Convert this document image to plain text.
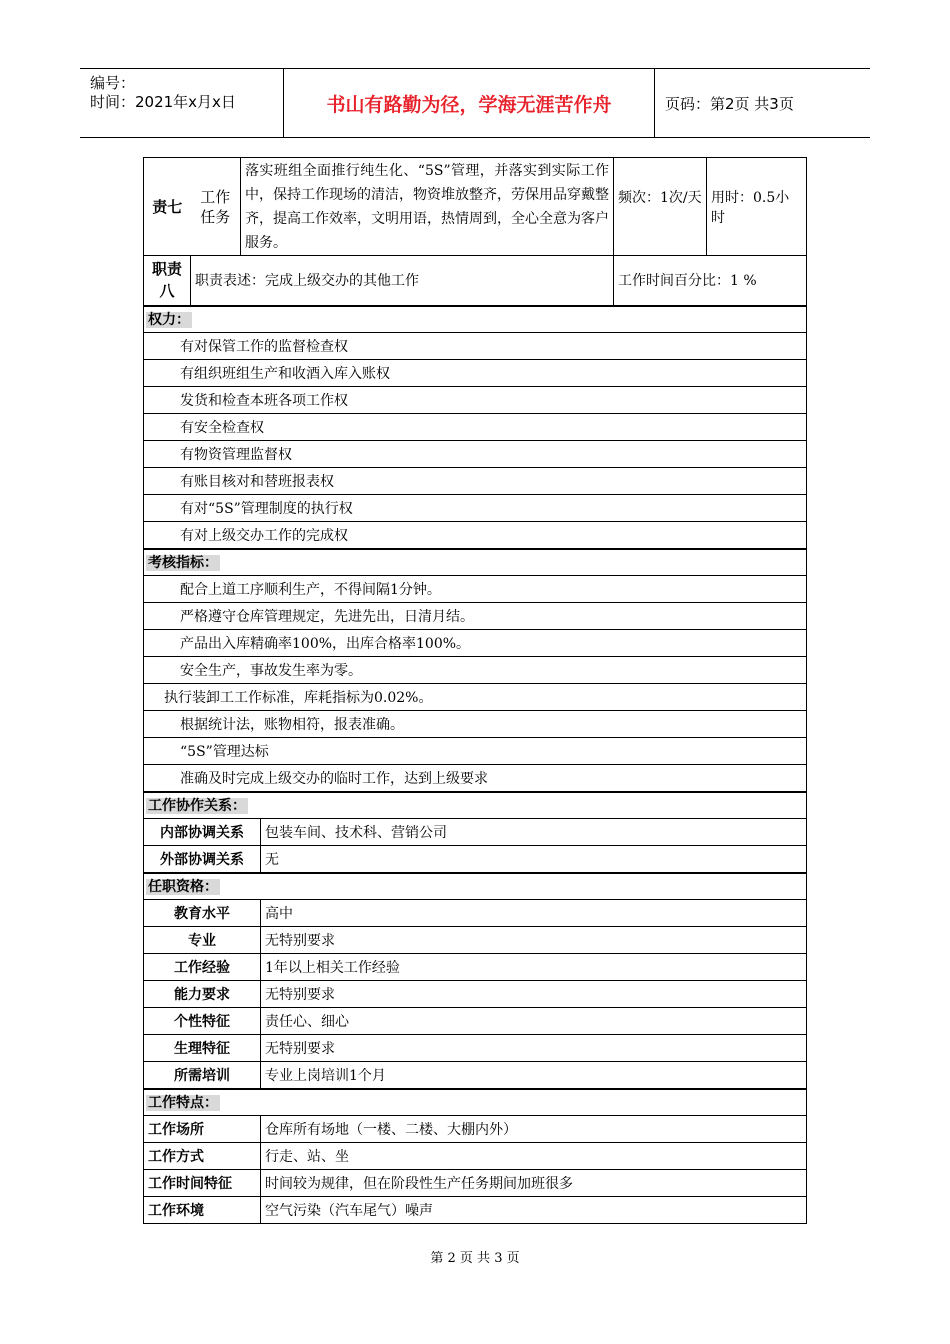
编号：
时间：2021年x月x日	书山有路勤为径，学海无涯苦作舟	页码：第2页 共3页
责七	工作任务	落实班组全面推行纯生化、“5S”管理，并落实到实际工作中，保持工作现场的清洁，物资堆放整齐，劳保用品穿戴整齐，提高工作效率，文明用语，热情周到，全心全意为客户服务。		频次：1次/天	用时：0.5小时
职责八	职责表述：完成上级交办的其他工作			工作时间百分比：1 %	
权力：					
有对保管工作的监督检查权					
有组织班组生产和收酒入库入账权					
发货和检查本班各项工作权					
有安全检查权					
有物资管理监督权					
有账目核对和替班报表权					
有对“5S”管理制度的执行权					
有对上级交办工作的完成权					
考核指标：					
配合上道工序顺利生产，不得间隔1分钟。					
严格遵守仓库管理规定，先进先出，日清月结。					
产品出入库精确率100%，出库合格率100%。					
安全生产，事故发生率为零。					
执行装卸工工作标准，库耗指标为0.02%。					
根据统计法，账物相符，报表准确。					
“5S”管理达标					
准确及时完成上级交办的临时工作，达到上级要求					
工作协作关系：					
内部协调关系			包装车间、技术科、营销公司		
外部协调关系			无		
任职资格：					
教育水平			高中		
专业			无特别要求		
工作经验			1年以上相关工作经验		
能力要求			无特别要求		
个性特征			责任心、细心		
生理特征			无特别要求		
所需培训			专业上岗培训1个月		
工作特点：					
工作场所			仓库所有场地（一楼、二楼、大棚内外）		
工作方式			行走、站、坐		
工作时间特征			时间较为规律，但在阶段性生产任务期间加班很多		
工作环境			空气污染（汽车尾气）噪声		
第 2 页 共 3 页
